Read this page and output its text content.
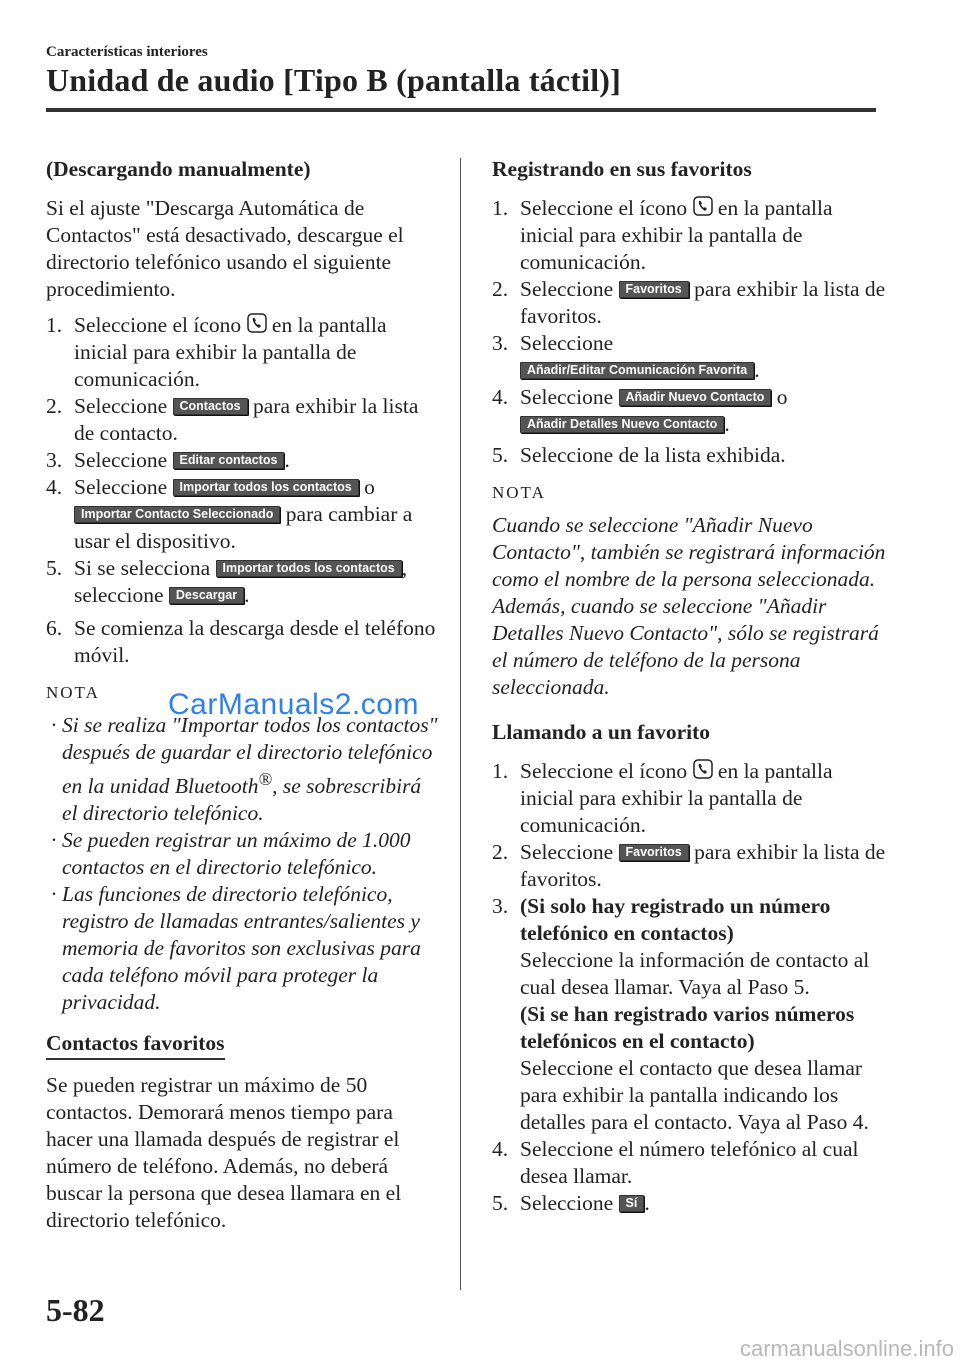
Características interiores
Unidad de audio [Tipo B (pantalla táctil)]
(Descargando manualmente)
Si el ajuste "Descarga Automática de Contactos" está desactivado, descargue el directorio telefónico usando el siguiente procedimiento.
1. Seleccione el ícono
en la pantalla inicial para exhibir la pantalla de comunicación.
2. Seleccione Contactos para exhibir la lista de contacto.
3. Seleccione Editar contactos .
4. Seleccione Importar todos los contactos o Importar Contacto Seleccionado para cambiar a usar el dispositivo.
5. Si se selecciona Importar todos los contactos , seleccione Descargar .
6. Se comienza la descarga desde el teléfono móvil.
NOTA
· Si se realiza "Importar todos los contactos" después de guardar el directorio telefónico en la unidad Bluetooth®, se sobrescribirá el directorio telefónico.
· Se pueden registrar un máximo de 1.000 contactos en el directorio telefónico.
· Las funciones de directorio telefónico, registro de llamadas entrantes/salientes y memoria de favoritos son exclusivas para cada teléfono móvil para proteger la privacidad.
Contactos favoritos
Se pueden registrar un máximo de 50 contactos. Demorará menos tiempo para hacer una llamada después de registrar el número de teléfono. Además, no deberá buscar la persona que desea llamara en el directorio telefónico.
Registrando en sus favoritos
1. Seleccione el ícono
en la pantalla inicial para exhibir la pantalla de comunicación.
2. Seleccione Favoritos para exhibir la lista de favoritos.
3. Seleccione
Añadir/Editar Comunicación Favorita .
4. Seleccione Añadir Nuevo Contacto o Añadir Detalles Nuevo Contacto .
5. Seleccione de la lista exhibida.
NOTA
Cuando se seleccione "Añadir Nuevo Contacto", también se registrará información como el nombre de la persona seleccionada. Además, cuando se seleccione "Añadir Detalles Nuevo Contacto", sólo se registrará el número de teléfono de la persona seleccionada.
Llamando a un favorito
1. Seleccione el ícono
en la pantalla inicial para exhibir la pantalla de comunicación.
2. Seleccione Favoritos para exhibir la lista de favoritos.
3. (Si solo hay registrado un número telefónico en contactos)
Seleccione la información de contacto al cual desea llamar. Vaya al Paso 5.
(Si se han registrado varios números telefónicos en el contacto)
Seleccione el contacto que desea llamar para exhibir la pantalla indicando los detalles para el contacto. Vaya al Paso 4.
4. Seleccione el número telefónico al cual desea llamar.
5. Seleccione Sí .
CarManuals2.com
5-82
carmanualsonline.info
